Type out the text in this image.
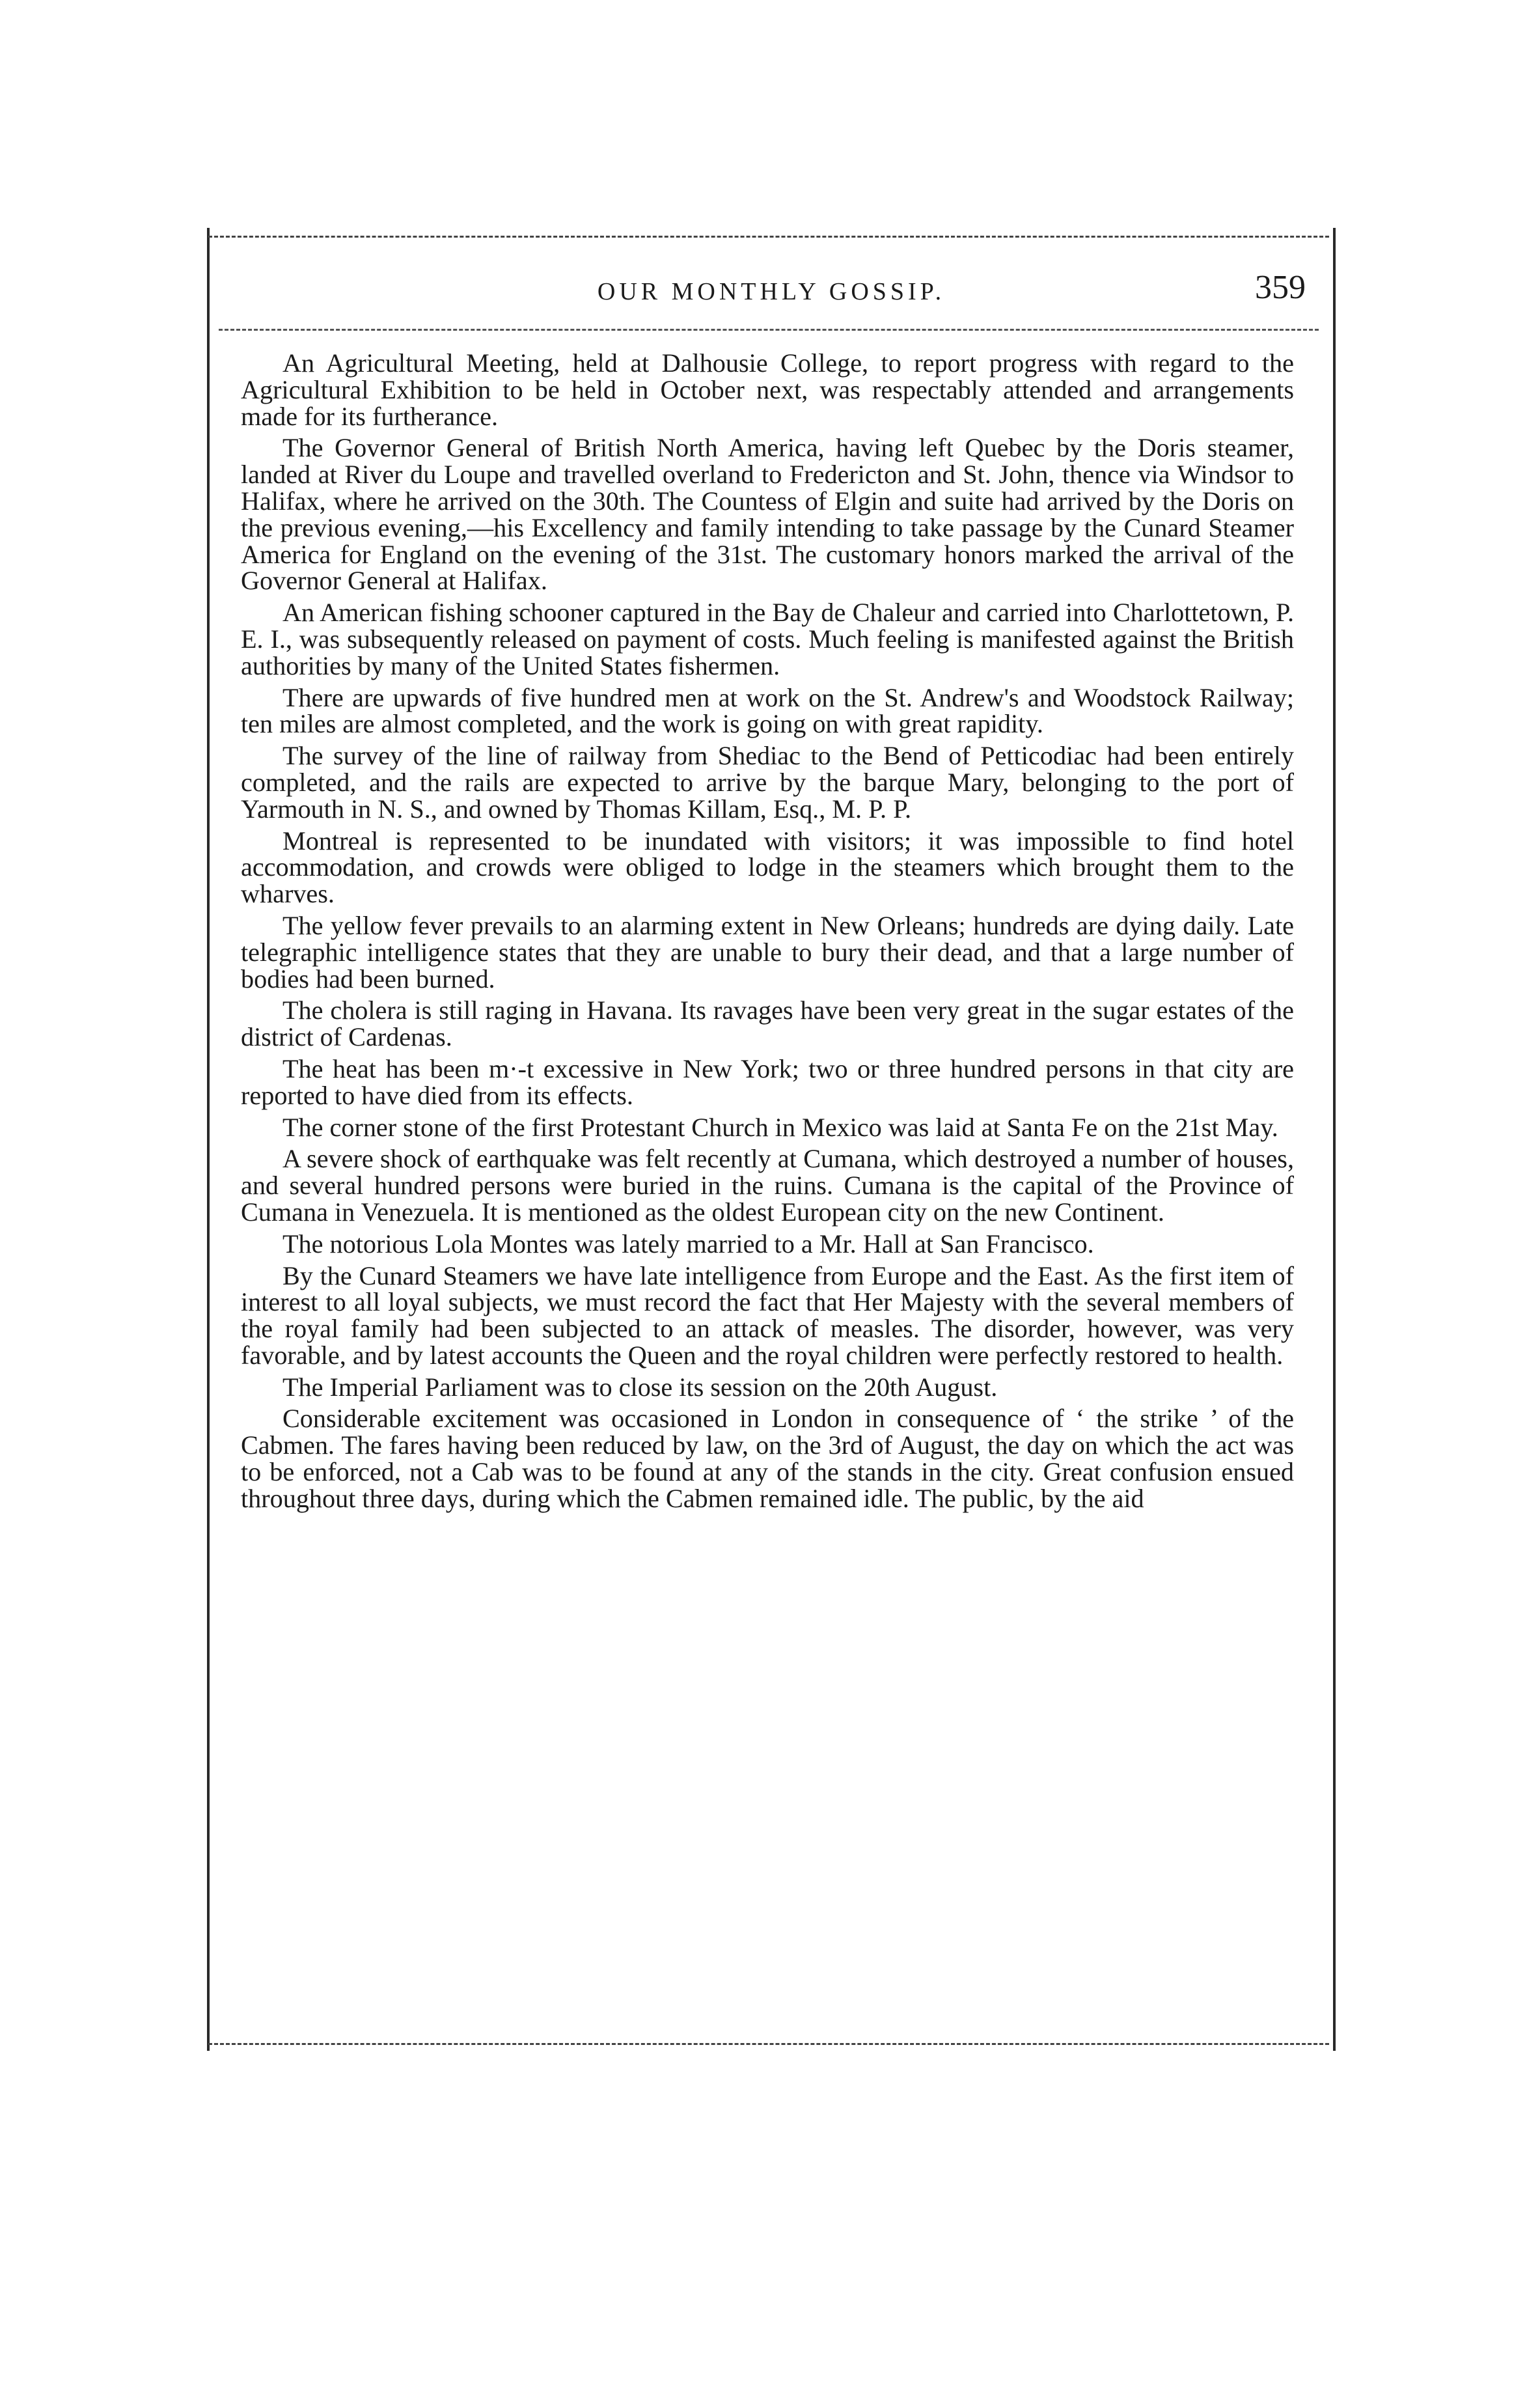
OUR MONTHLY GOSSIP.	359

An Agricultural Meeting, held at Dalhousie College, to report progress with regard to the Agricultural Exhibition to be held in October next, was respectably attended and arrangements made for its furtherance.

The Governor General of British North America, having left Quebec by the Doris steamer, landed at River du Loupe and travelled overland to Fredericton and St. John, thence via Windsor to Halifax, where he arrived on the 30th. The Countess of Elgin and suite had arrived by the Doris on the previous evening,—his Excellency and family intending to take passage by the Cunard Steamer America for England on the evening of the 31st. The customary honors marked the arrival of the Governor General at Halifax.

An American fishing schooner captured in the Bay de Chaleur and carried into Charlottetown, P. E. I., was subsequently released on payment of costs. Much feeling is manifested against the British authorities by many of the United States fishermen.

There are upwards of five hundred men at work on the St. Andrew's and Woodstock Railway; ten miles are almost completed, and the work is going on with great rapidity.

The survey of the line of railway from Shediac to the Bend of Petticodiac had been entirely completed, and the rails are expected to arrive by the barque Mary, belonging to the port of Yarmouth in N. S., and owned by Thomas Killam, Esq., M. P. P.

Montreal is represented to be inundated with visitors; it was impossible to find hotel accommodation, and crowds were obliged to lodge in the steamers which brought them to the wharves.

The yellow fever prevails to an alarming extent in New Orleans; hundreds are dying daily. Late telegraphic intelligence states that they are unable to bury their dead, and that a large number of bodies had been burned.

The cholera is still raging in Havana. Its ravages have been very great in the sugar estates of the district of Cardenas.

The heat has been m·-t excessive in New York; two or three hundred persons in that city are reported to have died from its effects.

The corner stone of the first Protestant Church in Mexico was laid at Santa Fe on the 21st May.

A severe shock of earthquake was felt recently at Cumana, which destroyed a number of houses, and several hundred persons were buried in the ruins. Cumana is the capital of the Province of Cumana in Venezuela. It is mentioned as the oldest European city on the new Continent.

The notorious Lola Montes was lately married to a Mr. Hall at San Francisco.

By the Cunard Steamers we have late intelligence from Europe and the East. As the first item of interest to all loyal subjects, we must record the fact that Her Majesty with the several members of the royal family had been subjected to an attack of measles. The disorder, however, was very favorable, and by latest accounts the Queen and the royal children were perfectly restored to health.

The Imperial Parliament was to close its session on the 20th August.

Considerable excitement was occasioned in London in consequence of ‘ the strike ’ of the Cabmen. The fares having been reduced by law, on the 3rd of August, the day on which the act was to be enforced, not a Cab was to be found at any of the stands in the city. Great confusion ensued throughout three days, during which the Cabmen remained idle. The public, by the aid
